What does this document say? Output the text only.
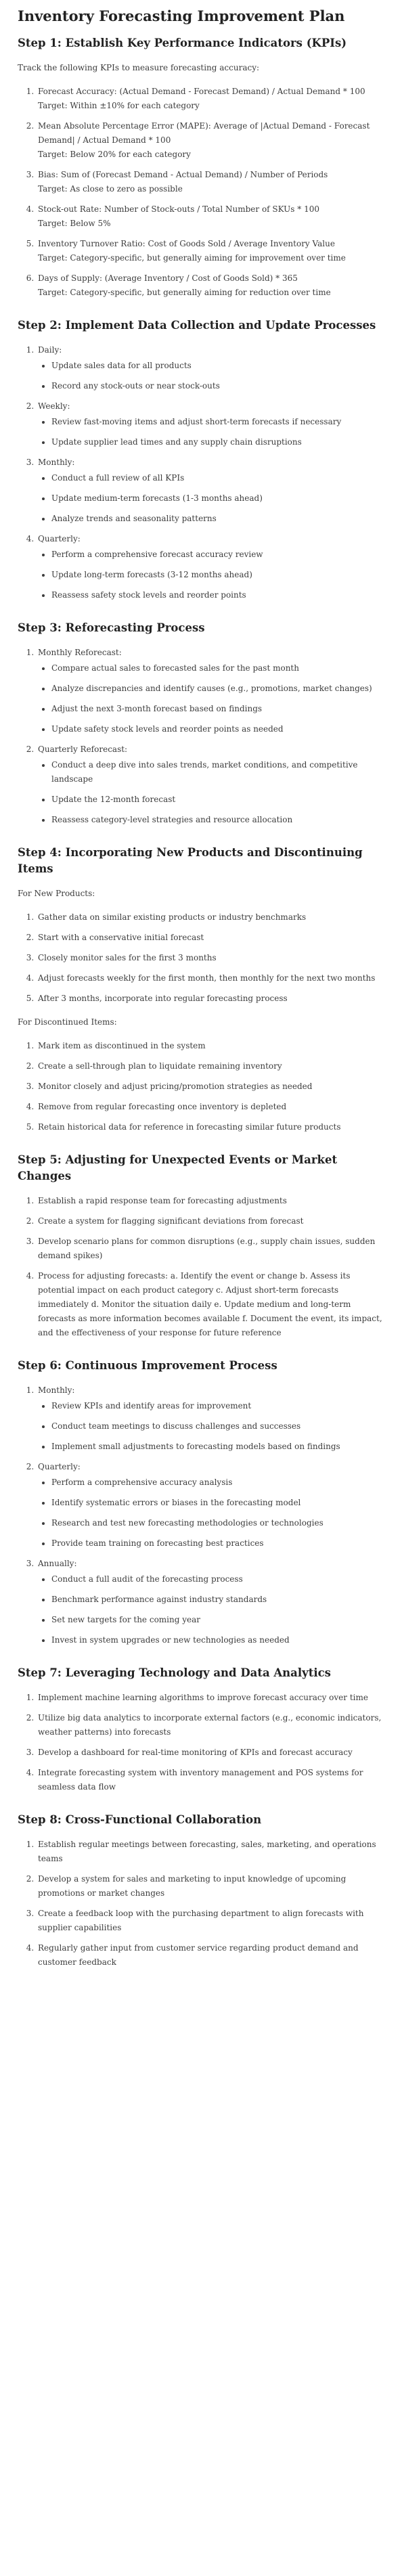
Inventory Forecasting Improvement Plan
Step 1: Establish Key Performance Indicators (KPIs)

Track the following KPIs to measure forecasting accuracy:

1. Forecast Accuracy: (Actual Demand - Forecast Demand) / Actual Demand * 100
Target: Within ±10% for each category
2. Mean Absolute Percentage Error (MAPE): Average of |Actual Demand - Forecast Demand| / Actual Demand * 100
Target: Below 20% for each category
3. Bias: Sum of (Forecast Demand - Actual Demand) / Number of Periods
Target: As close to zero as possible
4. Stock-out Rate: Number of Stock-outs / Total Number of SKUs * 100
Target: Below 5%
5. Inventory Turnover Ratio: Cost of Goods Sold / Average Inventory Value
Target: Category-specific, but generally aiming for improvement over time
6. Days of Supply: (Average Inventory / Cost of Goods Sold) * 365
Target: Category-specific, but generally aiming for reduction over time
Step 2: Implement Data Collection and Update Processes
1. Daily:
• Update sales data for all products
• Record any stock-outs or near stock-outs
2. Weekly:
• Review fast-moving items and adjust short-term forecasts if necessary
• Update supplier lead times and any supply chain disruptions
3. Monthly:
• Conduct a full review of all KPIs
• Update medium-term forecasts (1-3 months ahead)
• Analyze trends and seasonality patterns
4. Quarterly:
• Perform a comprehensive forecast accuracy review
• Update long-term forecasts (3-12 months ahead)
• Reassess safety stock levels and reorder points
Step 3: Reforecasting Process
1. Monthly Reforecast:
• Compare actual sales to forecasted sales for the past month
• Analyze discrepancies and identify causes (e.g., promotions, market changes)
• Adjust the next 3-month forecast based on findings
• Update safety stock levels and reorder points as needed
2. Quarterly Reforecast:
• Conduct a deep dive into sales trends, market conditions, and competitive landscape
• Update the 12-month forecast
• Reassess category-level strategies and resource allocation
Step 4: Incorporating New Products and Discontinuing Items

For New Products:

1. Gather data on similar existing products or industry benchmarks
2. Start with a conservative initial forecast
3. Closely monitor sales for the first 3 months
4. Adjust forecasts weekly for the first month, then monthly for the next two months
5. After 3 months, incorporate into regular forecasting process

For Discontinued Items:

1. Mark item as discontinued in the system
2. Create a sell-through plan to liquidate remaining inventory
3. Monitor closely and adjust pricing/promotion strategies as needed
4. Remove from regular forecasting once inventory is depleted
5. Retain historical data for reference in forecasting similar future products
Step 5: Adjusting for Unexpected Events or Market Changes
1. Establish a rapid response team for forecasting adjustments
2. Create a system for flagging significant deviations from forecast
3. Develop scenario plans for common disruptions (e.g., supply chain issues, sudden demand spikes)
4. Process for adjusting forecasts: a. Identify the event or change b. Assess its potential impact on each product category c. Adjust short-term forecasts immediately d. Monitor the situation daily e. Update medium and long-term forecasts as more information becomes available f. Document the event, its impact, and the effectiveness of your response for future reference
Step 6: Continuous Improvement Process
1. Monthly:
• Review KPIs and identify areas for improvement
• Conduct team meetings to discuss challenges and successes
• Implement small adjustments to forecasting models based on findings
2. Quarterly:
• Perform a comprehensive accuracy analysis
• Identify systematic errors or biases in the forecasting model
• Research and test new forecasting methodologies or technologies
• Provide team training on forecasting best practices
3. Annually:
• Conduct a full audit of the forecasting process
• Benchmark performance against industry standards
• Set new targets for the coming year
• Invest in system upgrades or new technologies as needed
Step 7: Leveraging Technology and Data Analytics
1. Implement machine learning algorithms to improve forecast accuracy over time
2. Utilize big data analytics to incorporate external factors (e.g., economic indicators, weather patterns) into forecasts
3. Develop a dashboard for real-time monitoring of KPIs and forecast accuracy
4. Integrate forecasting system with inventory management and POS systems for seamless data flow
Step 8: Cross-Functional Collaboration
1. Establish regular meetings between forecasting, sales, marketing, and operations teams
2. Develop a system for sales and marketing to input knowledge of upcoming promotions or market changes
3. Create a feedback loop with the purchasing department to align forecasts with supplier capabilities
4. Regularly gather input from customer service regarding product demand and customer feedback
